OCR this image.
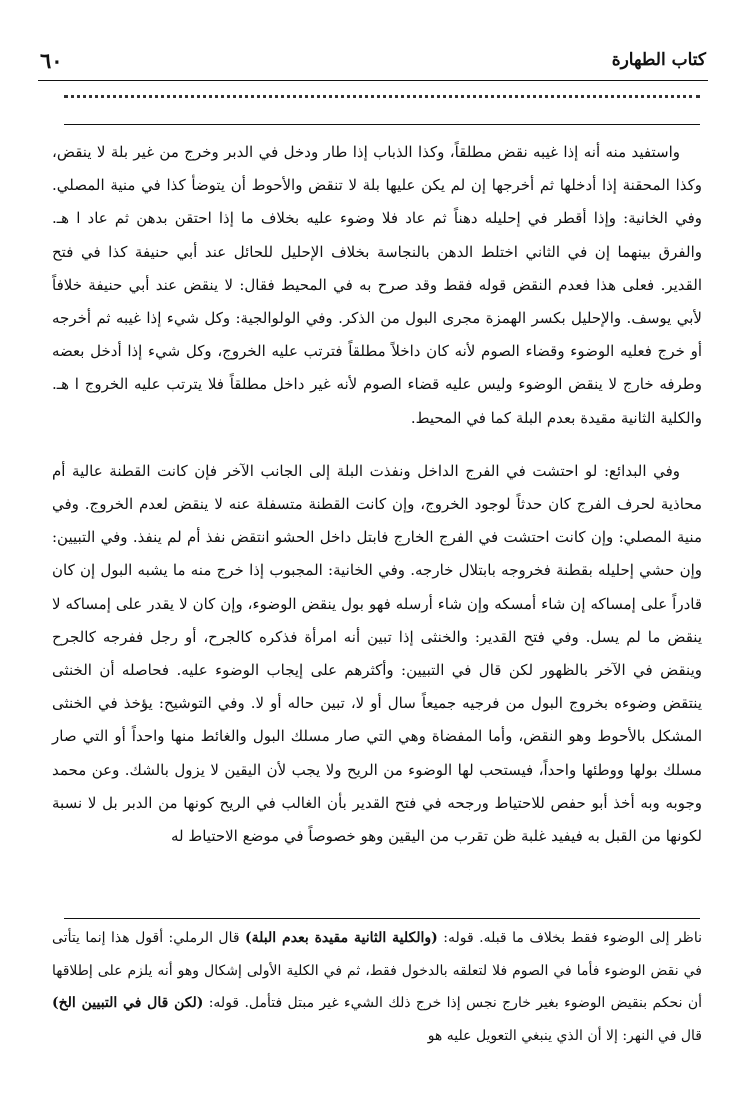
٦٠	كتاب الطهارة

واستفيد منه أنه إذا غيبه نقض مطلقاً، وكذا الذباب إذا طار ودخل في الدبر وخرج من غير بلة لا ينقض، وكذا المحقنة إذا أدخلها ثم أخرجها إن لم يكن عليها بلة لا تنقض والأحوط أن يتوضأ كذا في منية المصلي. وفي الخانية: وإذا أقطر في إحليله دهناً ثم عاد فلا وضوء عليه بخلاف ما إذا احتقن بدهن ثم عاد ا هـ. والفرق بينهما إن في الثاني اختلط الدهن بالنجاسة بخلاف الإحليل للحائل عند أبي حنيفة كذا في فتح القدير. فعلى هذا فعدم النقض قوله فقط وقد صرح به في المحيط فقال: لا ينقض عند أبي حنيفة خلافاً لأبي يوسف. والإحليل بكسر الهمزة مجرى البول من الذكر. وفي الولوالجية: وكل شيء إذا غيبه ثم أخرجه أو خرج فعليه الوضوء وقضاء الصوم لأنه كان داخلاً مطلقاً فترتب عليه الخروج، وكل شيء إذا أدخل بعضه وطرفه خارج لا ينقض الوضوء وليس عليه قضاء الصوم لأنه غير داخل مطلقاً فلا يترتب عليه الخروج ا هـ. والكلية الثانية مقيدة بعدم البلة كما في المحيط.

وفي البدائع: لو احتشت في الفرج الداخل ونفذت البلة إلى الجانب الآخر فإن كانت القطنة عالية أم محاذية لحرف الفرج كان حدثاً لوجود الخروج، وإن كانت القطنة متسفلة عنه لا ينقض لعدم الخروج. وفي منية المصلي: وإن كانت احتشت في الفرج الخارج فابتل داخل الحشو انتقض نفذ أم لم ينفذ. وفي التبيين: وإن حشي إحليله بقطنة فخروجه بابتلال خارجه. وفي الخانية: المجبوب إذا خرج منه ما يشبه البول إن كان قادراً على إمساكه إن شاء أمسكه وإن شاء أرسله فهو بول ينقض الوضوء، وإن كان لا يقدر على إمساكه لا ينقض ما لم يسل. وفي فتح القدير: والخنثى إذا تبين أنه امرأة فذكره كالجرح، أو رجل ففرجه كالجرح وينقض في الآخر بالظهور لكن قال في التبيين: وأكثرهم على إيجاب الوضوء عليه. فحاصله أن الخنثى ينتقض وضوءه بخروج البول من فرجيه جميعاً سال أو لا، تبين حاله أو لا. وفي التوشيح: يؤخذ في الخنثى المشكل بالأحوط وهو النقض، وأما المفضاة وهي التي صار مسلك البول والغائط منها واحداً أو التي صار مسلك بولها ووطئها واحداً، فيستحب لها الوضوء من الريح ولا يجب لأن اليقين لا يزول بالشك. وعن محمد وجوبه وبه أخذ أبو حفص للاحتياط ورجحه في فتح القدير بأن الغالب في الريح كونها من الدبر بل لا نسبة لكونها من القبل به فيفيد غلبة ظن تقرب من اليقين وهو خصوصاً في موضع الاحتياط له

ناظر إلى الوضوء فقط بخلاف ما قبله. قوله: (والكلية الثانية مقيدة بعدم البلة) قال الرملي: أقول هذا إنما يتأتى في نقض الوضوء فأما في الصوم فلا لتعلقه بالدخول فقط، ثم في الكلية الأولى إشكال وهو أنه يلزم على إطلاقها أن نحكم بنقيض الوضوء بغير خارج نجس إذا خرج ذلك الشيء غير مبتل فتأمل. قوله: (لكن قال في التبيين الخ) قال في النهر: إلا أن الذي ينبغي التعويل عليه هو
